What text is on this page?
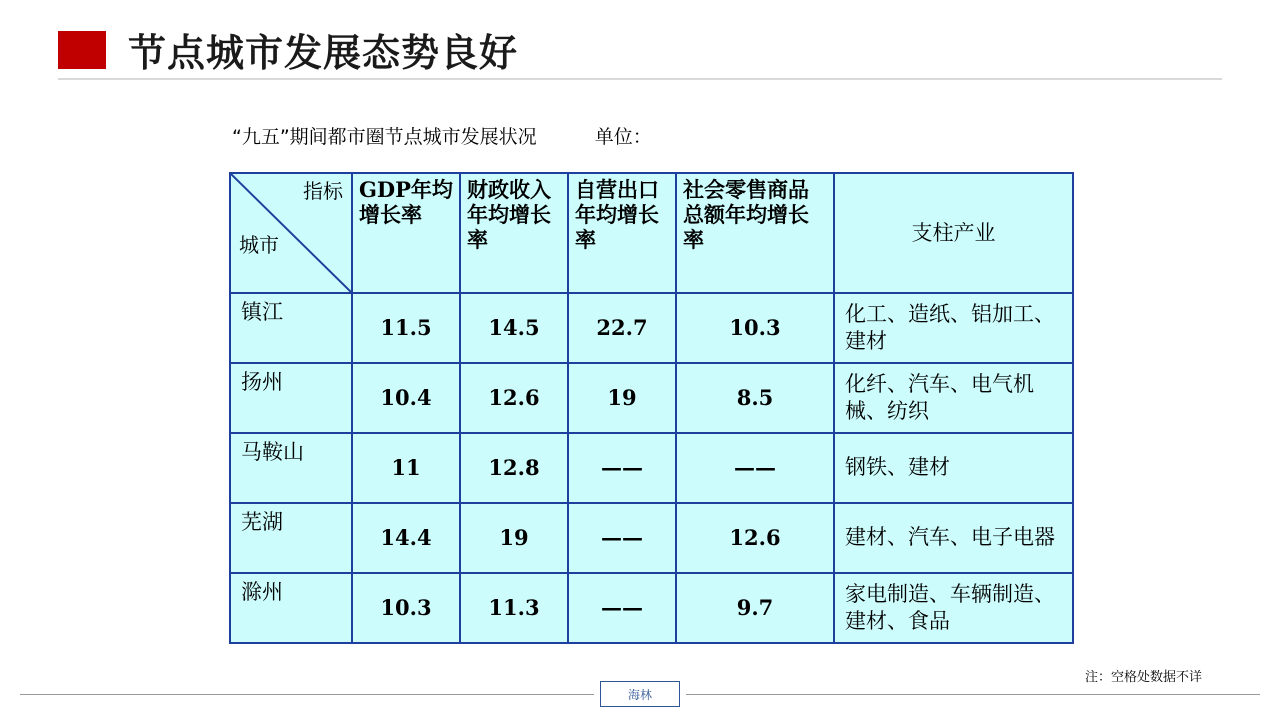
节点城市发展态势良好
“九五”期间都市圈节点城市发展状况	单位：
指标
城市	GDP年均增长率	财政收入年均增长率	自营出口年均增长率	社会零售商品总额年均增长率	支柱产业
镇江	11.5	14.5	22.7	10.3	化工、造纸、铝加工、建材
扬州	10.4	12.6	19	8.5	化纤、汽车、电气机械、纺织
马鞍山	11	12.8	——	——	钢铁、建材
芜湖	14.4	19	——	12.6	建材、汽车、电子电器
滁州	10.3	11.3	——	9.7	家电制造、车辆制造、建材、食品
注：空格处数据不详
海林
